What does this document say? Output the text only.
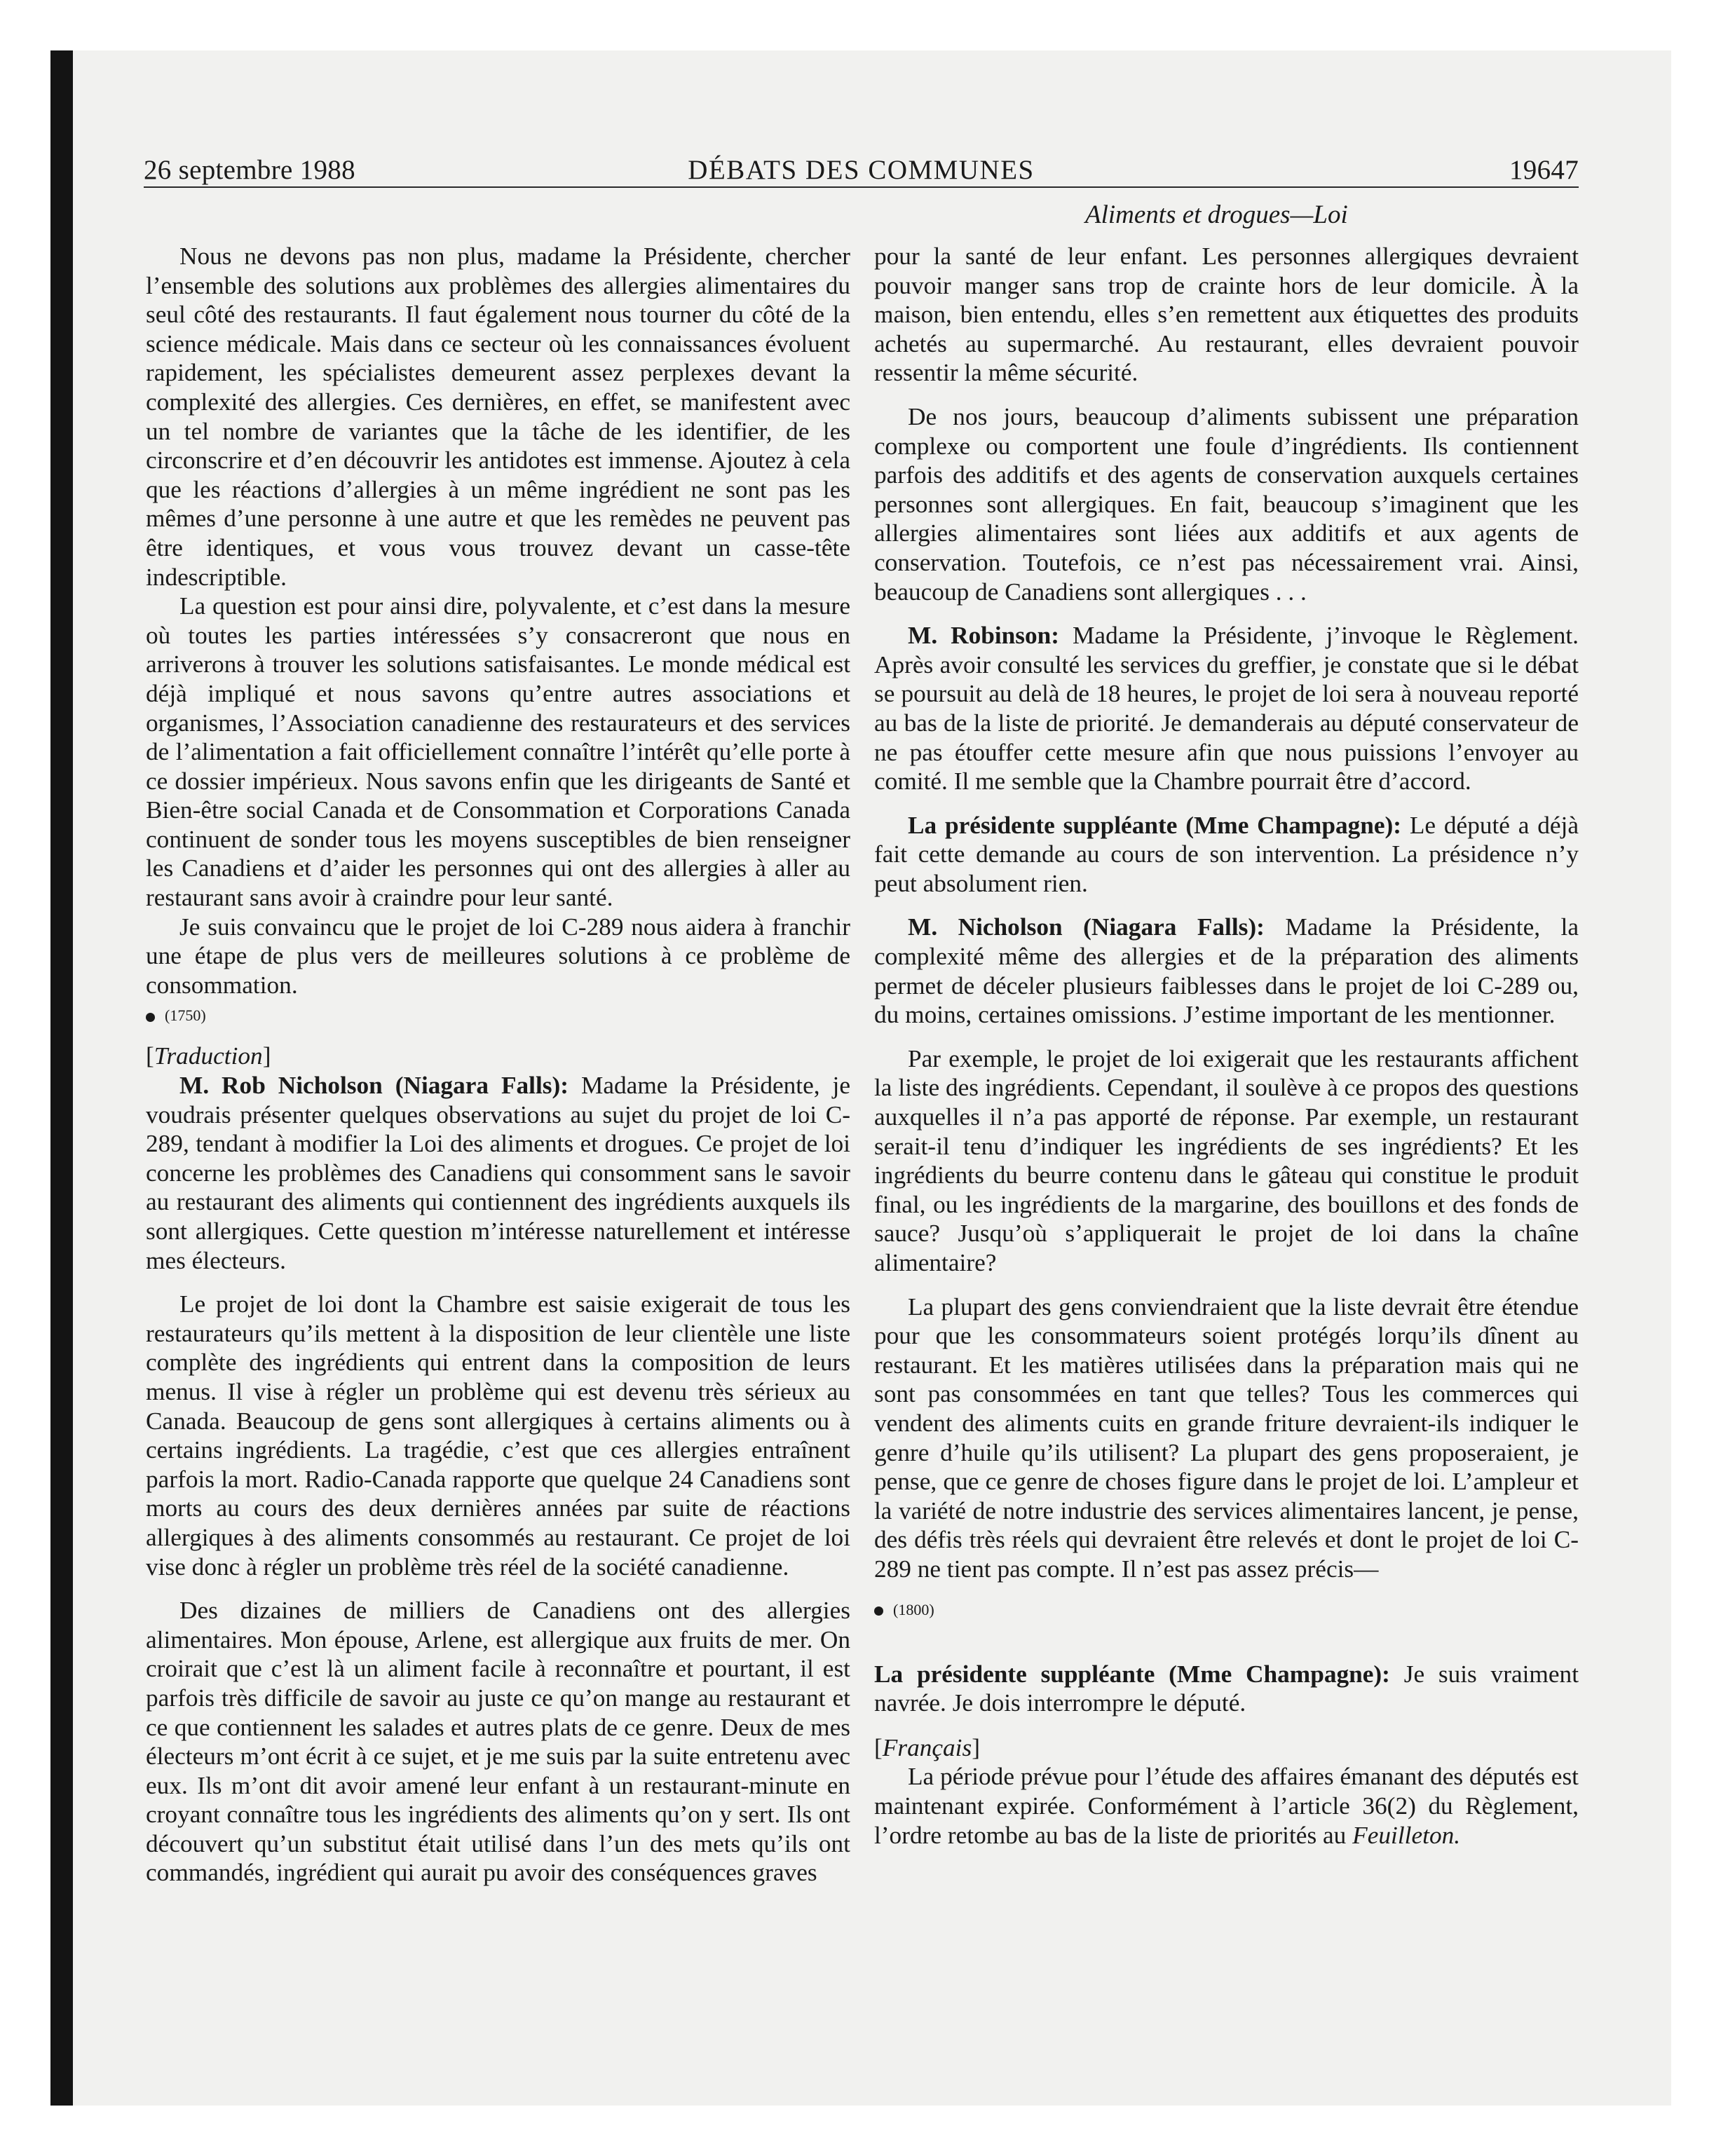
26 septembre 1988	DÉBATS DES COMMUNES	19647
Aliments et drogues—Loi

Nous ne devons pas non plus, madame la Présidente, chercher l’ensemble des solutions aux problèmes des allergies alimentaires du seul côté des restaurants. Il faut également nous tourner du côté de la science médicale. Mais dans ce secteur où les connaissances évoluent rapidement, les spécialistes demeurent assez perplexes devant la complexité des allergies. Ces dernières, en effet, se manifestent avec un tel nombre de variantes que la tâche de les identifier, de les circonscrire et d’en découvrir les antidotes est immense. Ajoutez à cela que les réactions d’allergies à un même ingrédient ne sont pas les mêmes d’une personne à une autre et que les remèdes ne peuvent pas être identiques, et vous vous trouvez devant un casse-tête indescriptible.

La question est pour ainsi dire, polyvalente, et c’est dans la mesure où toutes les parties intéressées s’y consacreront que nous en arriverons à trouver les solutions satisfaisantes. Le monde médical est déjà impliqué et nous savons qu’entre autres associations et organismes, l’Association canadienne des restaurateurs et des services de l’alimentation a fait officiellement connaître l’intérêt qu’elle porte à ce dossier impérieux. Nous savons enfin que les dirigeants de Santé et Bien-être social Canada et de Consommation et Corporations Canada continuent de sonder tous les moyens susceptibles de bien renseigner les Canadiens et d’aider les personnes qui ont des allergies à aller au restaurant sans avoir à craindre pour leur santé.

Je suis convaincu que le projet de loi C-289 nous aidera à franchir une étape de plus vers de meilleures solutions à ce problème de consommation.

(1750)

[Traduction]

M. Rob Nicholson (Niagara Falls): Madame la Présidente, je voudrais présenter quelques observations au sujet du projet de loi C-289, tendant à modifier la Loi des aliments et drogues. Ce projet de loi concerne les problèmes des Canadiens qui consomment sans le savoir au restaurant des aliments qui contiennent des ingrédients auxquels ils sont allergiques. Cette question m’intéresse naturellement et intéresse mes électeurs.

Le projet de loi dont la Chambre est saisie exigerait de tous les restaurateurs qu’ils mettent à la disposition de leur clientèle une liste complète des ingrédients qui entrent dans la composition de leurs menus. Il vise à régler un problème qui est devenu très sérieux au Canada. Beaucoup de gens sont allergiques à certains aliments ou à certains ingrédients. La tragédie, c’est que ces allergies entraînent parfois la mort. Radio-Canada rapporte que quelque 24 Canadiens sont morts au cours des deux dernières années par suite de réactions allergiques à des aliments consommés au restaurant. Ce projet de loi vise donc à régler un problème très réel de la société canadienne.

Des dizaines de milliers de Canadiens ont des allergies alimentaires. Mon épouse, Arlene, est allergique aux fruits de mer. On croirait que c’est là un aliment facile à reconnaître et pourtant, il est parfois très difficile de savoir au juste ce qu’on mange au restaurant et ce que contiennent les salades et autres plats de ce genre. Deux de mes électeurs m’ont écrit à ce sujet, et je me suis par la suite entretenu avec eux. Ils m’ont dit avoir amené leur enfant à un restaurant-minute en croyant connaître tous les ingrédients des aliments qu’on y sert. Ils ont découvert qu’un substitut était utilisé dans l’un des mets qu’ils ont commandés, ingrédient qui aurait pu avoir des conséquences graves

pour la santé de leur enfant. Les personnes allergiques devraient pouvoir manger sans trop de crainte hors de leur domicile. À la maison, bien entendu, elles s’en remettent aux étiquettes des produits achetés au supermarché. Au restaurant, elles devraient pouvoir ressentir la même sécurité.

De nos jours, beaucoup d’aliments subissent une préparation complexe ou comportent une foule d’ingrédients. Ils contiennent parfois des additifs et des agents de conservation auxquels certaines personnes sont allergiques. En fait, beaucoup s’imaginent que les allergies alimentaires sont liées aux additifs et aux agents de conservation. Toutefois, ce n’est pas nécessairement vrai. Ainsi, beaucoup de Canadiens sont allergiques . . .

M. Robinson: Madame la Présidente, j’invoque le Règlement. Après avoir consulté les services du greffier, je constate que si le débat se poursuit au delà de 18 heures, le projet de loi sera à nouveau reporté au bas de la liste de priorité. Je demanderais au député conservateur de ne pas étouffer cette mesure afin que nous puissions l’envoyer au comité. Il me semble que la Chambre pourrait être d’accord.

La présidente suppléante (Mme Champagne): Le député a déjà fait cette demande au cours de son intervention. La présidence n’y peut absolument rien.

M. Nicholson (Niagara Falls): Madame la Présidente, la complexité même des allergies et de la préparation des aliments permet de déceler plusieurs faiblesses dans le projet de loi C-289 ou, du moins, certaines omissions. J’estime important de les mentionner.

Par exemple, le projet de loi exigerait que les restaurants affichent la liste des ingrédients. Cependant, il soulève à ce propos des questions auxquelles il n’a pas apporté de réponse. Par exemple, un restaurant serait-il tenu d’indiquer les ingrédients de ses ingrédients? Et les ingrédients du beurre contenu dans le gâteau qui constitue le produit final, ou les ingrédients de la margarine, des bouillons et des fonds de sauce? Jusqu’où s’appliquerait le projet de loi dans la chaîne alimentaire?

La plupart des gens conviendraient que la liste devrait être étendue pour que les consommateurs soient protégés lorqu’ils dînent au restaurant. Et les matières utilisées dans la préparation mais qui ne sont pas consommées en tant que telles? Tous les commerces qui vendent des aliments cuits en grande friture devraient-ils indiquer le genre d’huile qu’ils utilisent? La plupart des gens proposeraient, je pense, que ce genre de choses figure dans le projet de loi. L’ampleur et la variété de notre industrie des services alimentaires lancent, je pense, des défis très réels qui devraient être relevés et dont le projet de loi C-289 ne tient pas compte. Il n’est pas assez précis—

(1800)

La présidente suppléante (Mme Champagne): Je suis vraiment navrée. Je dois interrompre le député.

[Français]

La période prévue pour l’étude des affaires émanant des députés est maintenant expirée. Conformément à l’article 36(2) du Règlement, l’ordre retombe au bas de la liste de priorités au Feuilleton.
